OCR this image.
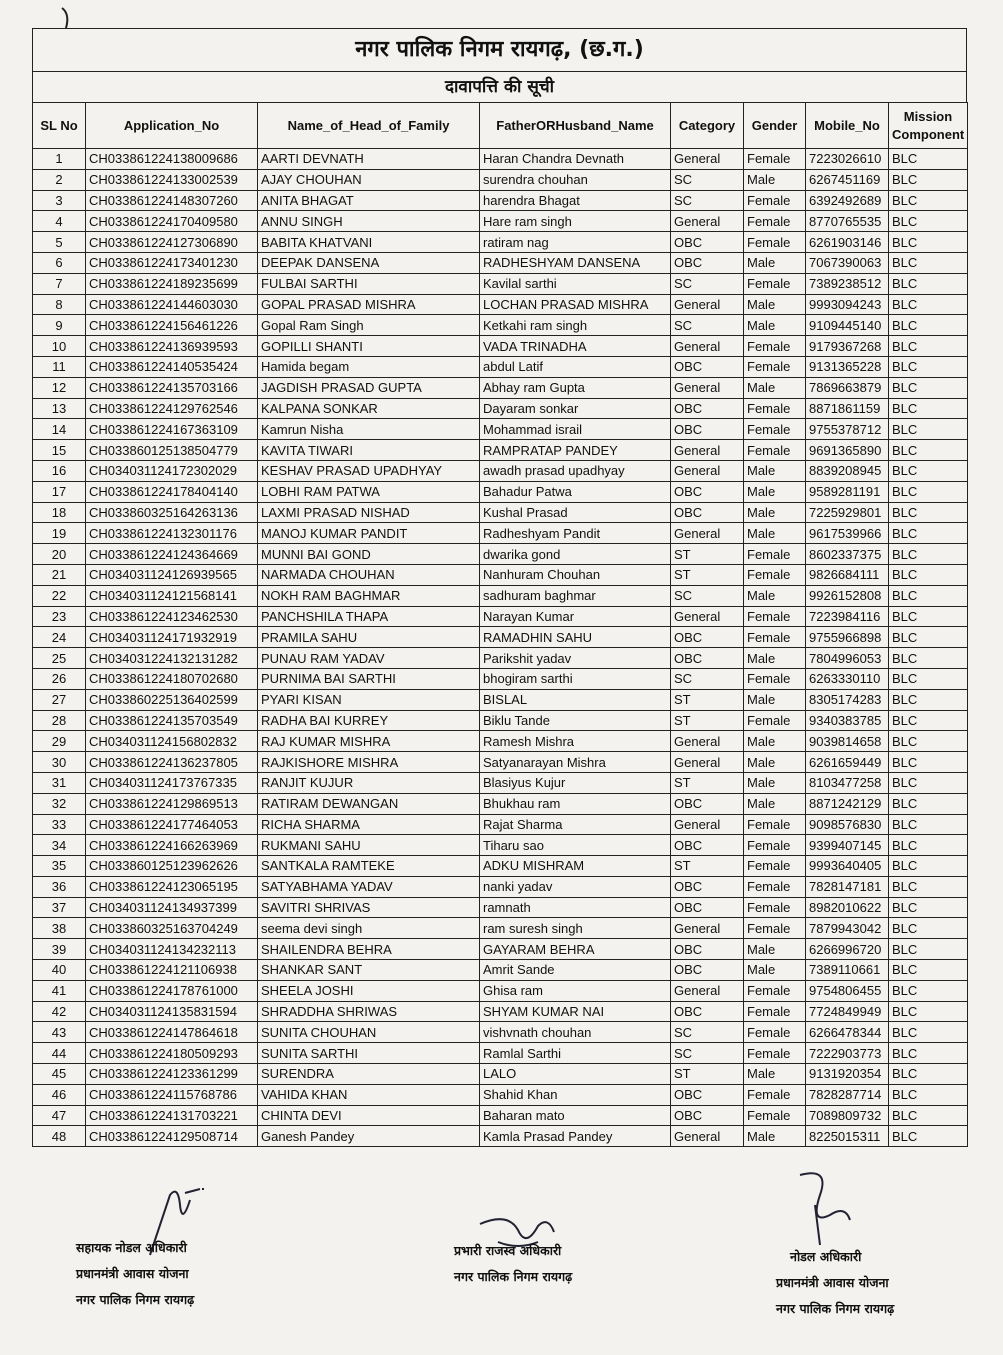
नगर पालिक निगम रायगढ़, (छ.ग.)
दावापत्ति की सूची
SL No	Application_No	Name_of_Head_of_Family	FatherORHusband_Name	Category	Gender	Mobile_No	Mission Component
1	CH033861224138009686	AARTI DEVNATH	Haran Chandra Devnath	General	Female	7223026610	BLC
2	CH033861224133002539	AJAY CHOUHAN	surendra chouhan	SC	Male	6267451169	BLC
3	CH033861224148307260	ANITA BHAGAT	harendra Bhagat	SC	Female	6392492689	BLC
4	CH033861224170409580	ANNU SINGH	Hare ram singh	General	Female	8770765535	BLC
5	CH033861224127306890	BABITA KHATVANI	ratiram nag	OBC	Female	6261903146	BLC
6	CH033861224173401230	DEEPAK DANSENA	RADHESHYAM DANSENA	OBC	Male	7067390063	BLC
7	CH033861224189235699	FULBAI SARTHI	Kavilal sarthi	SC	Female	7389238512	BLC
8	CH033861224144603030	GOPAL PRASAD MISHRA	LOCHAN PRASAD MISHRA	General	Male	9993094243	BLC
9	CH033861224156461226	Gopal Ram Singh	Ketkahi ram singh	SC	Male	9109445140	BLC
10	CH033861224136939593	GOPILLI SHANTI	VADA TRINADHA	General	Female	9179367268	BLC
11	CH033861224140535424	Hamida begam	abdul Latif	OBC	Female	9131365228	BLC
12	CH033861224135703166	JAGDISH PRASAD GUPTA	Abhay ram Gupta	General	Male	7869663879	BLC
13	CH033861224129762546	KALPANA SONKAR	Dayaram sonkar	OBC	Female	8871861159	BLC
14	CH033861224167363109	Kamrun Nisha	Mohammad israil	OBC	Female	9755378712	BLC
15	CH033860125138504779	KAVITA TIWARI	RAMPRATAP PANDEY	General	Female	9691365890	BLC
16	CH034031124172302029	KESHAV PRASAD UPADHYAY	awadh prasad upadhyay	General	Male	8839208945	BLC
17	CH033861224178404140	LOBHI RAM PATWA	Bahadur Patwa	OBC	Male	9589281191	BLC
18	CH033860325164263136	LAXMI PRASAD NISHAD	Kushal Prasad	OBC	Male	7225929801	BLC
19	CH033861224132301176	MANOJ KUMAR PANDIT	Radheshyam Pandit	General	Male	9617539966	BLC
20	CH033861224124364669	MUNNI BAI GOND	dwarika gond	ST	Female	8602337375	BLC
21	CH034031124126939565	NARMADA CHOUHAN	Nanhuram Chouhan	ST	Female	9826684111	BLC
22	CH034031124121568141	NOKH RAM BAGHMAR	sadhuram baghmar	SC	Male	9926152808	BLC
23	CH033861224123462530	PANCHSHILA THAPA	Narayan Kumar	General	Female	7223984116	BLC
24	CH034031124171932919	PRAMILA SAHU	RAMADHIN SAHU	OBC	Female	9755966898	BLC
25	CH034031224132131282	PUNAU RAM YADAV	Parikshit yadav	OBC	Male	7804996053	BLC
26	CH033861224180702680	PURNIMA BAI SARTHI	bhogiram sarthi	SC	Female	6263330110	BLC
27	CH033860225136402599	PYARI KISAN	BISLAL	ST	Male	8305174283	BLC
28	CH033861224135703549	RADHA BAI KURREY	Biklu Tande	ST	Female	9340383785	BLC
29	CH034031124156802832	RAJ KUMAR MISHRA	Ramesh Mishra	General	Male	9039814658	BLC
30	CH033861224136237805	RAJKISHORE MISHRA	Satyanarayan Mishra	General	Male	6261659449	BLC
31	CH034031124173767335	RANJIT KUJUR	Blasiyus Kujur	ST	Male	8103477258	BLC
32	CH033861224129869513	RATIRAM DEWANGAN	Bhukhau ram	OBC	Male	8871242129	BLC
33	CH033861224177464053	RICHA SHARMA	Rajat Sharma	General	Female	9098576830	BLC
34	CH033861224166263969	RUKMANI SAHU	Tiharu sao	OBC	Female	9399407145	BLC
35	CH033860125123962626	SANTKALA RAMTEKE	ADKU MISHRAM	ST	Female	9993640405	BLC
36	CH033861224123065195	SATYABHAMA YADAV	nanki yadav	OBC	Female	7828147181	BLC
37	CH034031124134937399	SAVITRI SHRIVAS	ramnath	OBC	Female	8982010622	BLC
38	CH033860325163704249	seema devi singh	ram suresh singh	General	Female	7879943042	BLC
39	CH034031124134232113	SHAILENDRA BEHRA	GAYARAM BEHRA	OBC	Male	6266996720	BLC
40	CH033861224121106938	SHANKAR SANT	Amrit Sande	OBC	Male	7389110661	BLC
41	CH033861224178761000	SHEELA JOSHI	Ghisa ram	General	Female	9754806455	BLC
42	CH034031124135831594	SHRADDHA SHRIWAS	SHYAM KUMAR NAI	OBC	Female	7724849949	BLC
43	CH033861224147864618	SUNITA CHOUHAN	vishvnath chouhan	SC	Female	6266478344	BLC
44	CH033861224180509293	SUNITA SARTHI	Ramlal Sarthi	SC	Female	7222903773	BLC
45	CH033861224123361299	SURENDRA	LALO	ST	Male	9131920354	BLC
46	CH033861224115768786	VAHIDA KHAN	Shahid Khan	OBC	Female	7828287714	BLC
47	CH033861224131703221	CHINTA DEVI	Baharan mato	OBC	Female	7089809732	BLC
48	CH033861224129508714	Ganesh Pandey	Kamla Prasad Pandey	General	Male	8225015311	BLC
सहायक नोडल अधिकारी
प्रधानमंत्री आवास योजना
नगर पालिक निगम रायगढ़
प्रभारी राजस्व अधिकारी
नगर पालिक निगम रायगढ़
नोडल अधिकारी
प्रधानमंत्री आवास योजना
नगर पालिक निगम रायगढ़
